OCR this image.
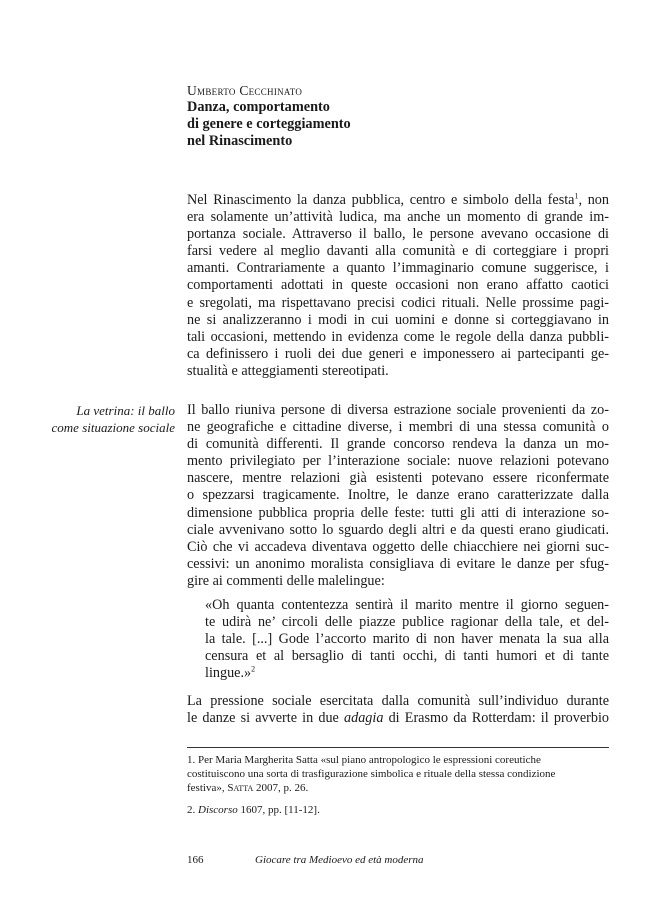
Umberto Cecchinato
Danza, comportamento
di genere e corteggiamento
nel Rinascimento
Nel Rinascimento la danza pubblica, centro e simbolo della festa$^1$, non
era solamente un’attività ludica, ma anche un momento di grande im-
portanza sociale. Attraverso il ballo, le persone avevano occasione di
farsi vedere al meglio davanti alla comunità e di corteggiare i propri
amanti. Contrariamente a quanto l’immaginario comune suggerisce, i
comportamenti adottati in queste occasioni non erano affatto caotici
e sregolati, ma rispettavano precisi codici rituali. Nelle prossime pagi-
ne si analizzeranno i modi in cui uomini e donne si corteggiavano in
tali occasioni, mettendo in evidenza come le regole della danza pubbli-
ca definissero i ruoli dei due generi e imponessero ai partecipanti ge-
stualità e atteggiamenti stereotipati.
La vetrina: il ballo
come situazione sociale
Il ballo riuniva persone di diversa estrazione sociale provenienti da zo-
ne geografiche e cittadine diverse, i membri di una stessa comunità o
di comunità differenti. Il grande concorso rendeva la danza un mo-
mento privilegiato per l’interazione sociale: nuove relazioni potevano
nascere, mentre relazioni già esistenti potevano essere riconfermate
o spezzarsi tragicamente. Inoltre, le danze erano caratterizzate dalla
dimensione pubblica propria delle feste: tutti gli atti di interazione so-
ciale avvenivano sotto lo sguardo degli altri e da questi erano giudicati.
Ciò che vi accadeva diventava oggetto delle chiacchiere nei giorni suc-
cessivi: un anonimo moralista consigliava di evitare le danze per sfug-
gire ai commenti delle malelingue:
«Oh quanta contentezza sentirà il marito mentre il giorno seguen-
te udirà ne’ circoli delle piazze publice ragionar della tale, et del-
la tale. [...] Gode l’accorto marito di non haver menata la sua alla
censura et al bersaglio di tanti occhi, di tanti humori et di tante
lingue.»$^2$
La pressione sociale esercitata dalla comunità sull’individuo durante
le danze si avverte in due adagia di Erasmo da Rotterdam: il proverbio
1. Per Maria Margherita Satta «sul piano antropologico le espressioni coreutiche
costituiscono una sorta di trasfigurazione simbolica e rituale della stessa condizione
festiva», Satta 2007, p. 26.
2. Discorso 1607, pp. [11-12].
166	Giocare tra Medioevo ed età moderna
